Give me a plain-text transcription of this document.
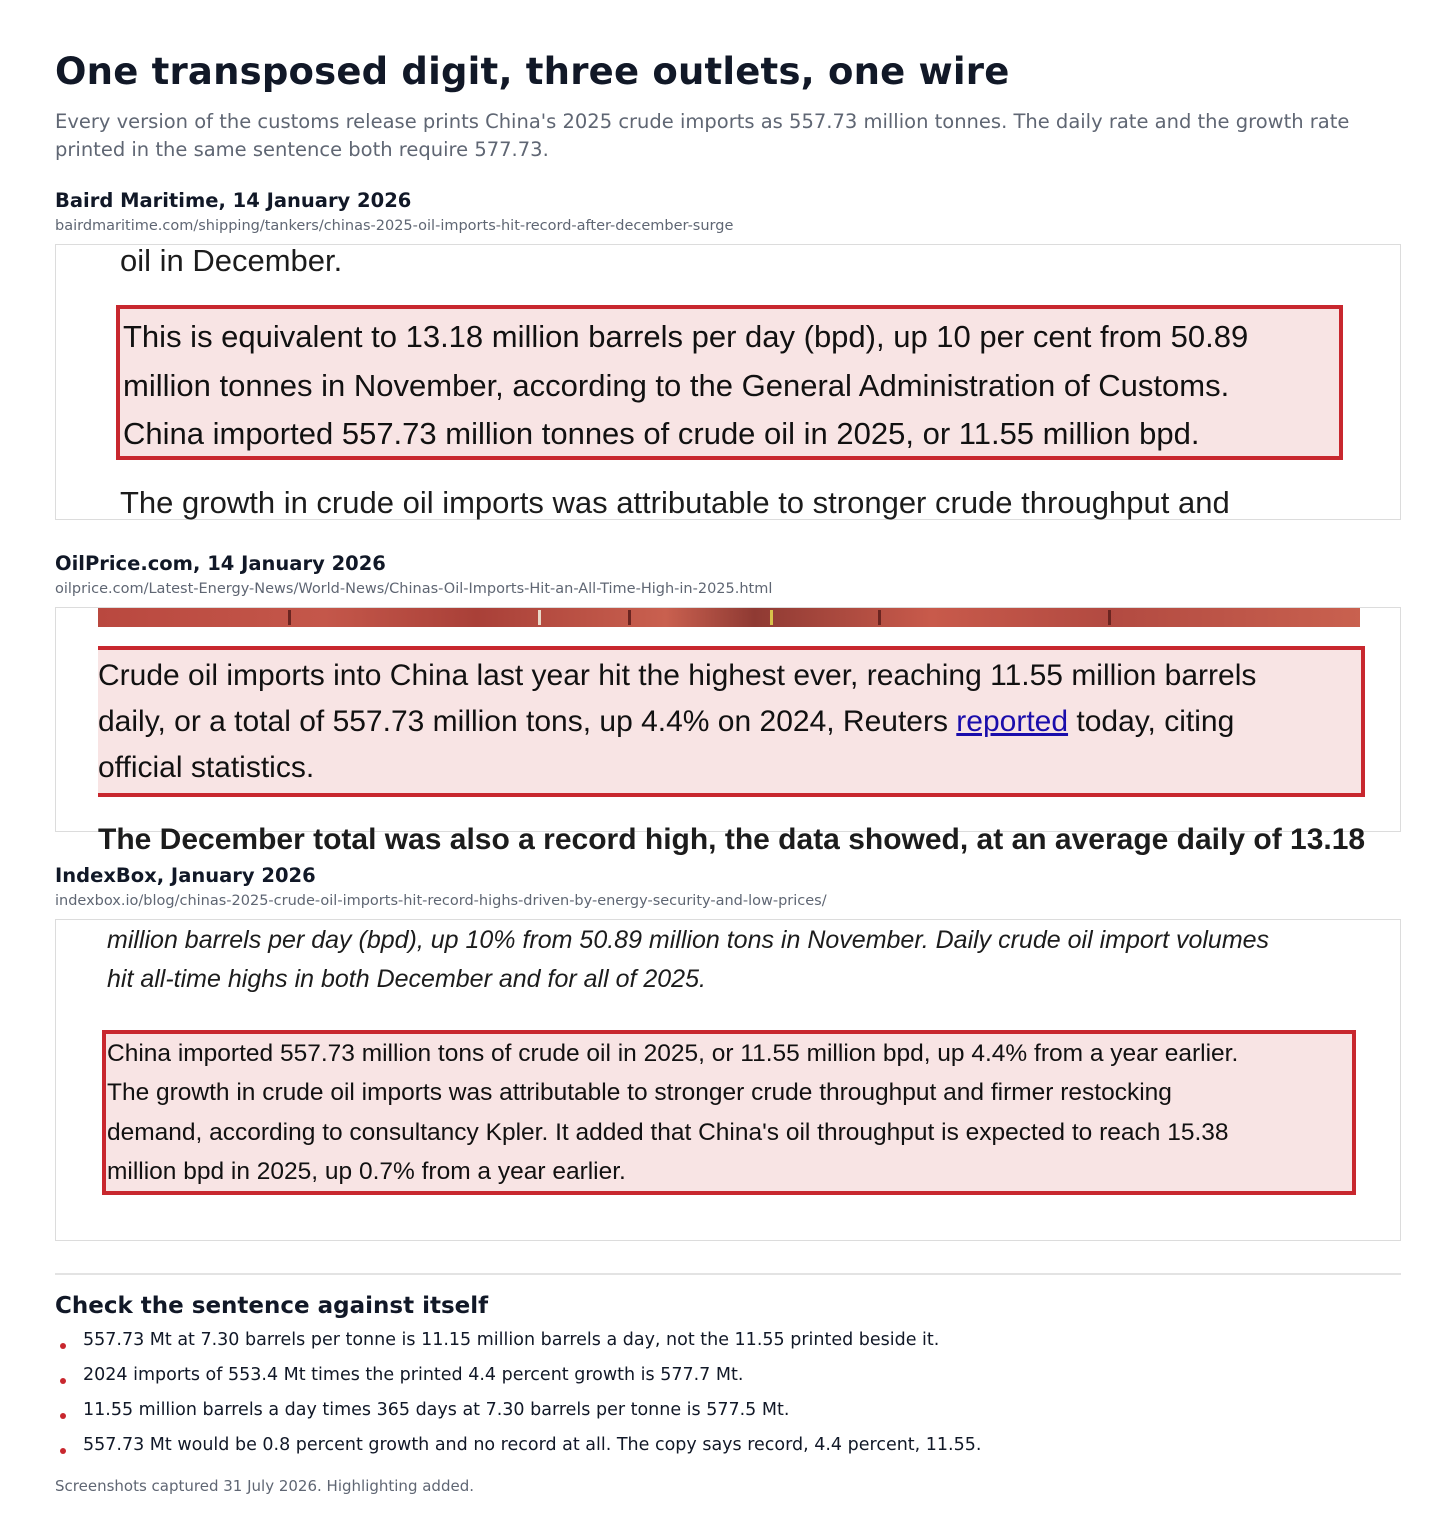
One transposed digit, three outlets, one wire

Every version of the customs release prints China's 2025 crude imports as 557.73 million tonnes. The daily rate and the growth rate printed in the same sentence both require 577.73.

Baird Maritime, 14 January 2026
bairdmaritime.com/shipping/tankers/chinas-2025-oil-imports-hit-record-after-december-surge
oil in December.
This is equivalent to 13.18 million barrels per day (bpd), up 10 per cent from 50.89
million tonnes in November, according to the General Administration of Customs.
China imported 557.73 million tonnes of crude oil in 2025, or 11.55 million bpd.
The growth in crude oil imports was attributable to stronger crude throughput and
OilPrice.com, 14 January 2026
oilprice.com/Latest-Energy-News/World-News/Chinas-Oil-Imports-Hit-an-All-Time-High-in-2025.html
Crude oil imports into China last year hit the highest ever, reaching 11.55 million barrels
daily, or a total of 557.73 million tons, up 4.4% on 2024, Reuters reported today, citing
official statistics.
The December total was also a record high, the data showed, at an average daily of 13.18
IndexBox, January 2026
indexbox.io/blog/chinas-2025-crude-oil-imports-hit-record-highs-driven-by-energy-security-and-low-prices/
million barrels per day (bpd), up 10% from 50.89 million tons in November. Daily crude oil import volumes
hit all-time highs in both December and for all of 2025.
China imported 557.73 million tons of crude oil in 2025, or 11.55 million bpd, up 4.4% from a year earlier.
The growth in crude oil imports was attributable to stronger crude throughput and firmer restocking
demand, according to consultancy Kpler. It added that China's oil throughput is expected to reach 15.38
million bpd in 2025, up 0.7% from a year earlier.
Check the sentence against itself
557.73 Mt at 7.30 barrels per tonne is 11.15 million barrels a day, not the 11.55 printed beside it.
2024 imports of 553.4 Mt times the printed 4.4 percent growth is 577.7 Mt.
11.55 million barrels a day times 365 days at 7.30 barrels per tonne is 577.5 Mt.
557.73 Mt would be 0.8 percent growth and no record at all. The copy says record, 4.4 percent, 11.55.

Screenshots captured 31 July 2026. Highlighting added.
